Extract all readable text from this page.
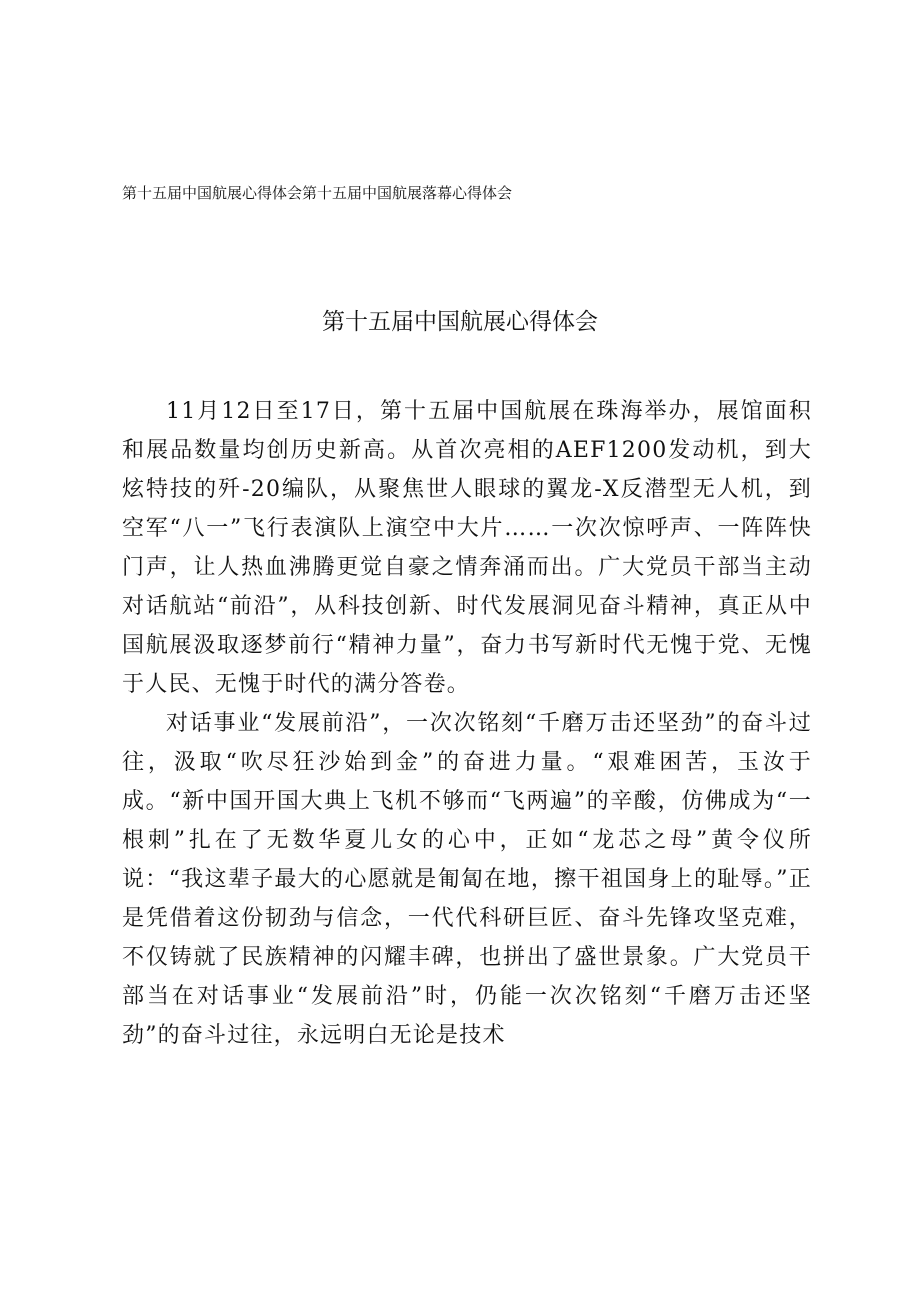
第十五届中国航展心得体会第十五届中国航展落幕心得体会
第十五届中国航展心得体会

11月12日至17日，第十五届中国航展在珠海举办，展馆面积和展品数量均创历史新高。从首次亮相的AEF1200发动机，到大炫特技的歼-20编队，从聚焦世人眼球的翼龙-X反潜型无人机，到空军“八一”飞行表演队上演空中大片……一次次惊呼声、一阵阵快门声，让人热血沸腾更觉自豪之情奔涌而出。广大党员干部当主动对话航站“前沿”，从科技创新、时代发展洞见奋斗精神，真正从中国航展汲取逐梦前行“精神力量”，奋力书写新时代无愧于党、无愧于人民、无愧于时代的满分答卷。

对话事业“发展前沿”，一次次铭刻“千磨万击还坚劲”的奋斗过往，汲取“吹尽狂沙始到金”的奋进力量。“艰难困苦，玉汝于成。“新中国开国大典上飞机不够而“飞两遍”的辛酸，仿佛成为“一根刺”扎在了无数华夏儿女的心中，正如“龙芯之母”黄令仪所说：“我这辈子最大的心愿就是匍匐在地，擦干祖国身上的耻辱。”正是凭借着这份韧劲与信念，一代代科研巨匠、奋斗先锋攻坚克难，不仅铸就了民族精神的闪耀丰碑，也拼出了盛世景象。广大党员干部当在对话事业“发展前沿”时，仍能一次次铭刻“千磨万击还坚劲”的奋斗过往，永远明白无论是技术
